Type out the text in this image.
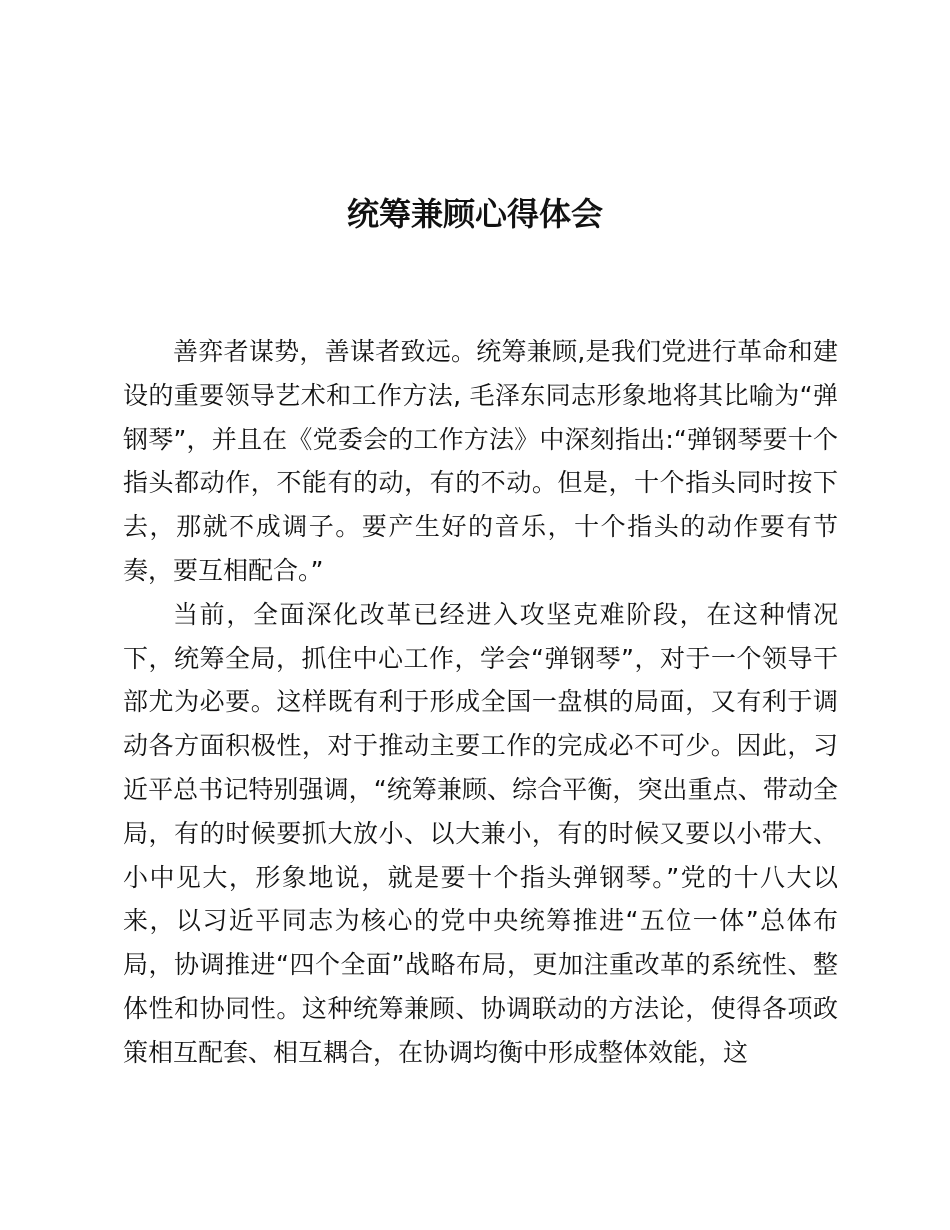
统筹兼顾心得体会

善弈者谋势，善谋者致远。统筹兼顾,是我们党进行革命和建设的重要领导艺术和工作方法, 毛泽东同志形象地将其比喻为“弹钢琴”，并且在《党委会的工作方法》中深刻指出:“弹钢琴要十个指头都动作，不能有的动，有的不动。但是，十个指头同时按下去，那就不成调子。要产生好的音乐，十个指头的动作要有节奏，要互相配合。”

当前，全面深化改革已经进入攻坚克难阶段，在这种情况下，统筹全局，抓住中心工作，学会“弹钢琴”，对于一个领导干部尤为必要。这样既有利于形成全国一盘棋的局面，又有利于调动各方面积极性，对于推动主要工作的完成必不可少。因此，习近平总书记特别强调，“统筹兼顾、综合平衡，突出重点、带动全局，有的时候要抓大放小、以大兼小，有的时候又要以小带大、小中见大，形象地说，就是要十个指头弹钢琴。”党的十八大以来，以习近平同志为核心的党中央统筹推进“五位一体”总体布局，协调推进“四个全面”战略布局，更加注重改革的系统性、整体性和协同性。这种统筹兼顾、协调联动的方法论，使得各项政策相互配套、相互耦合，在协调均衡中形成整体效能，这
